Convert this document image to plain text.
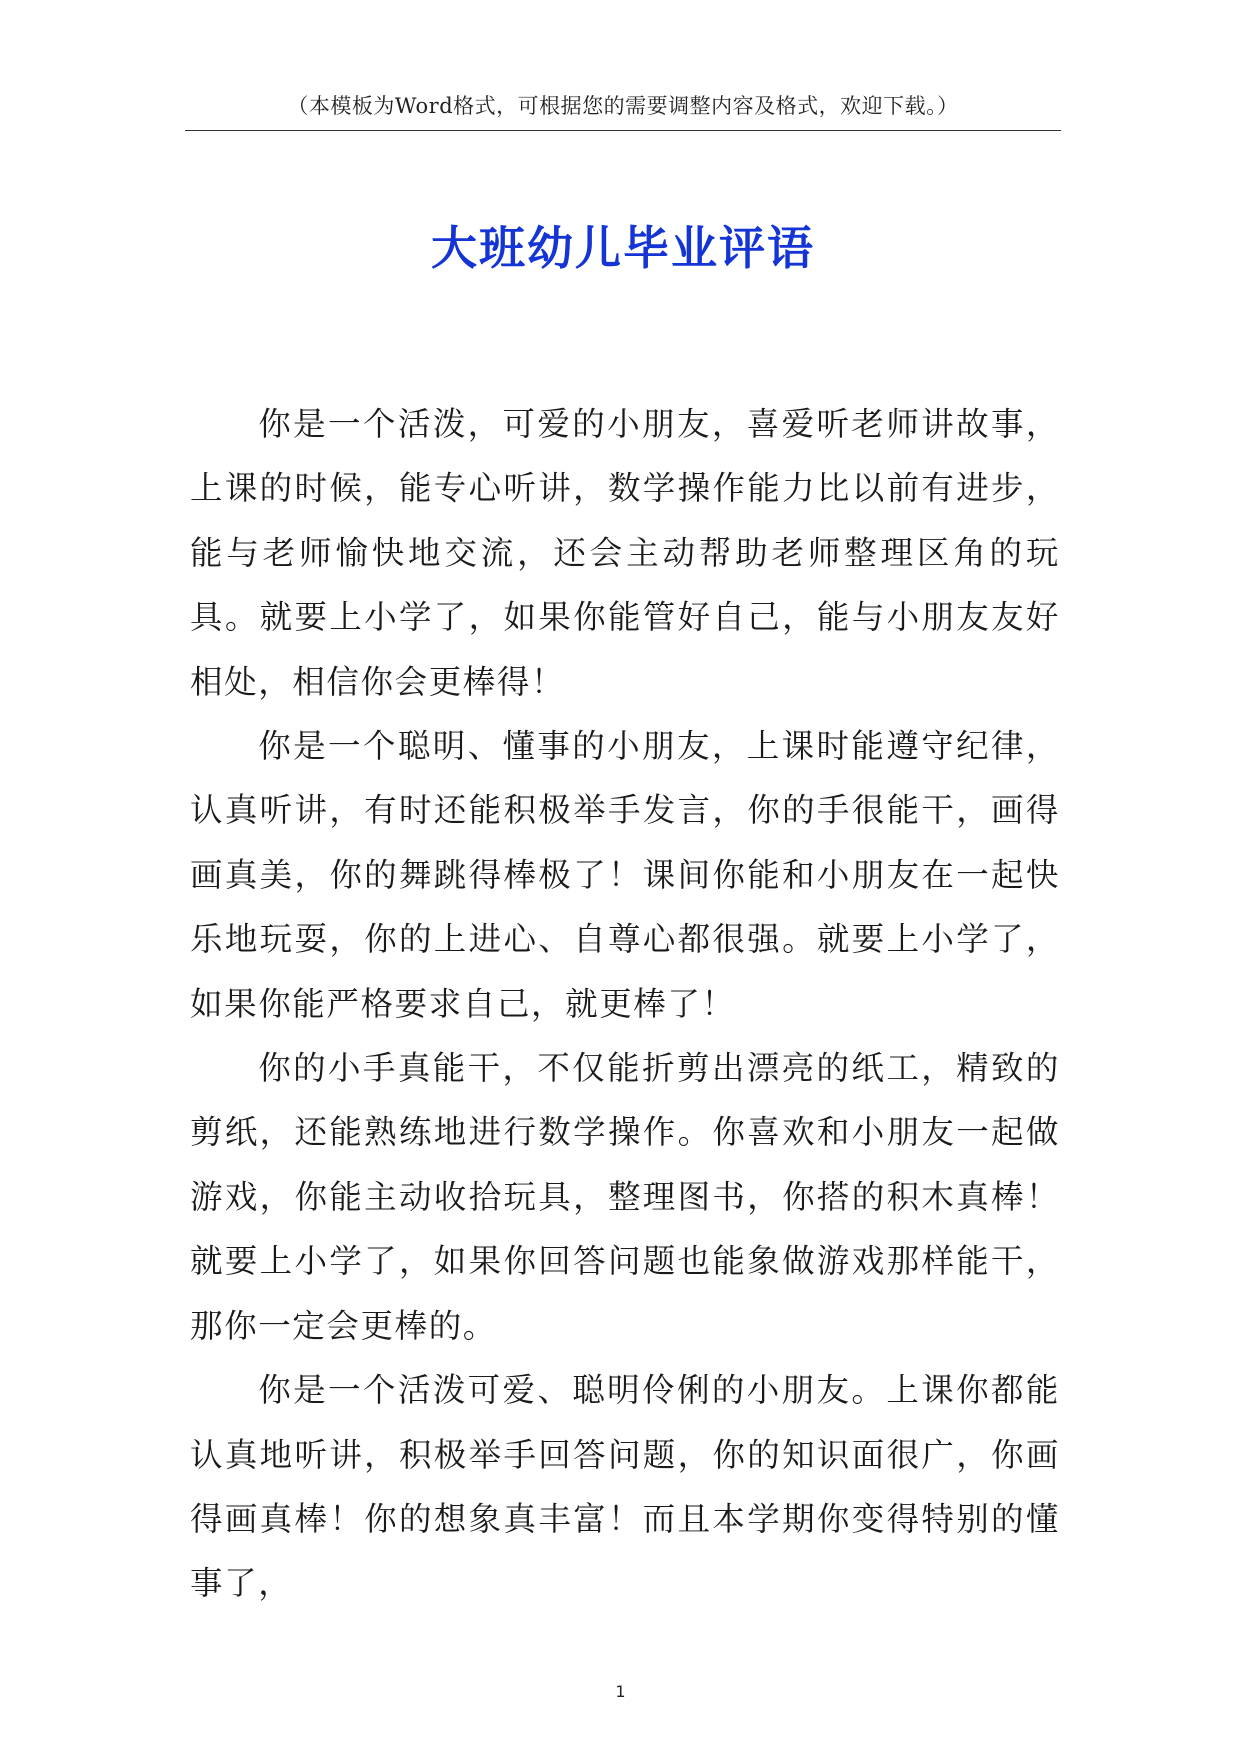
（本模板为Word格式，可根据您的需要调整内容及格式，欢迎下载。）
大班幼儿毕业评语

你是一个活泼，可爱的小朋友，喜爱听老师讲故事，上课的时候，能专心听讲，数学操作能力比以前有进步，能与老师愉快地交流，还会主动帮助老师整理区角的玩具。就要上小学了，如果你能管好自己，能与小朋友友好相处，相信你会更棒得！

你是一个聪明、懂事的小朋友，上课时能遵守纪律，认真听讲，有时还能积极举手发言，你的手很能干，画得画真美，你的舞跳得棒极了！课间你能和小朋友在一起快乐地玩耍，你的上进心、自尊心都很强。就要上小学了，如果你能严格要求自己，就更棒了！

你的小手真能干，不仅能折剪出漂亮的纸工，精致的剪纸，还能熟练地进行数学操作。你喜欢和小朋友一起做游戏，你能主动收拾玩具，整理图书，你搭的积木真棒！就要上小学了，如果你回答问题也能象做游戏那样能干，那你一定会更棒的。

你是一个活泼可爱、聪明伶俐的小朋友。上课你都能认真地听讲，积极举手回答问题，你的知识面很广，你画得画真棒！你的想象真丰富！而且本学期你变得特别的懂事了，

1
